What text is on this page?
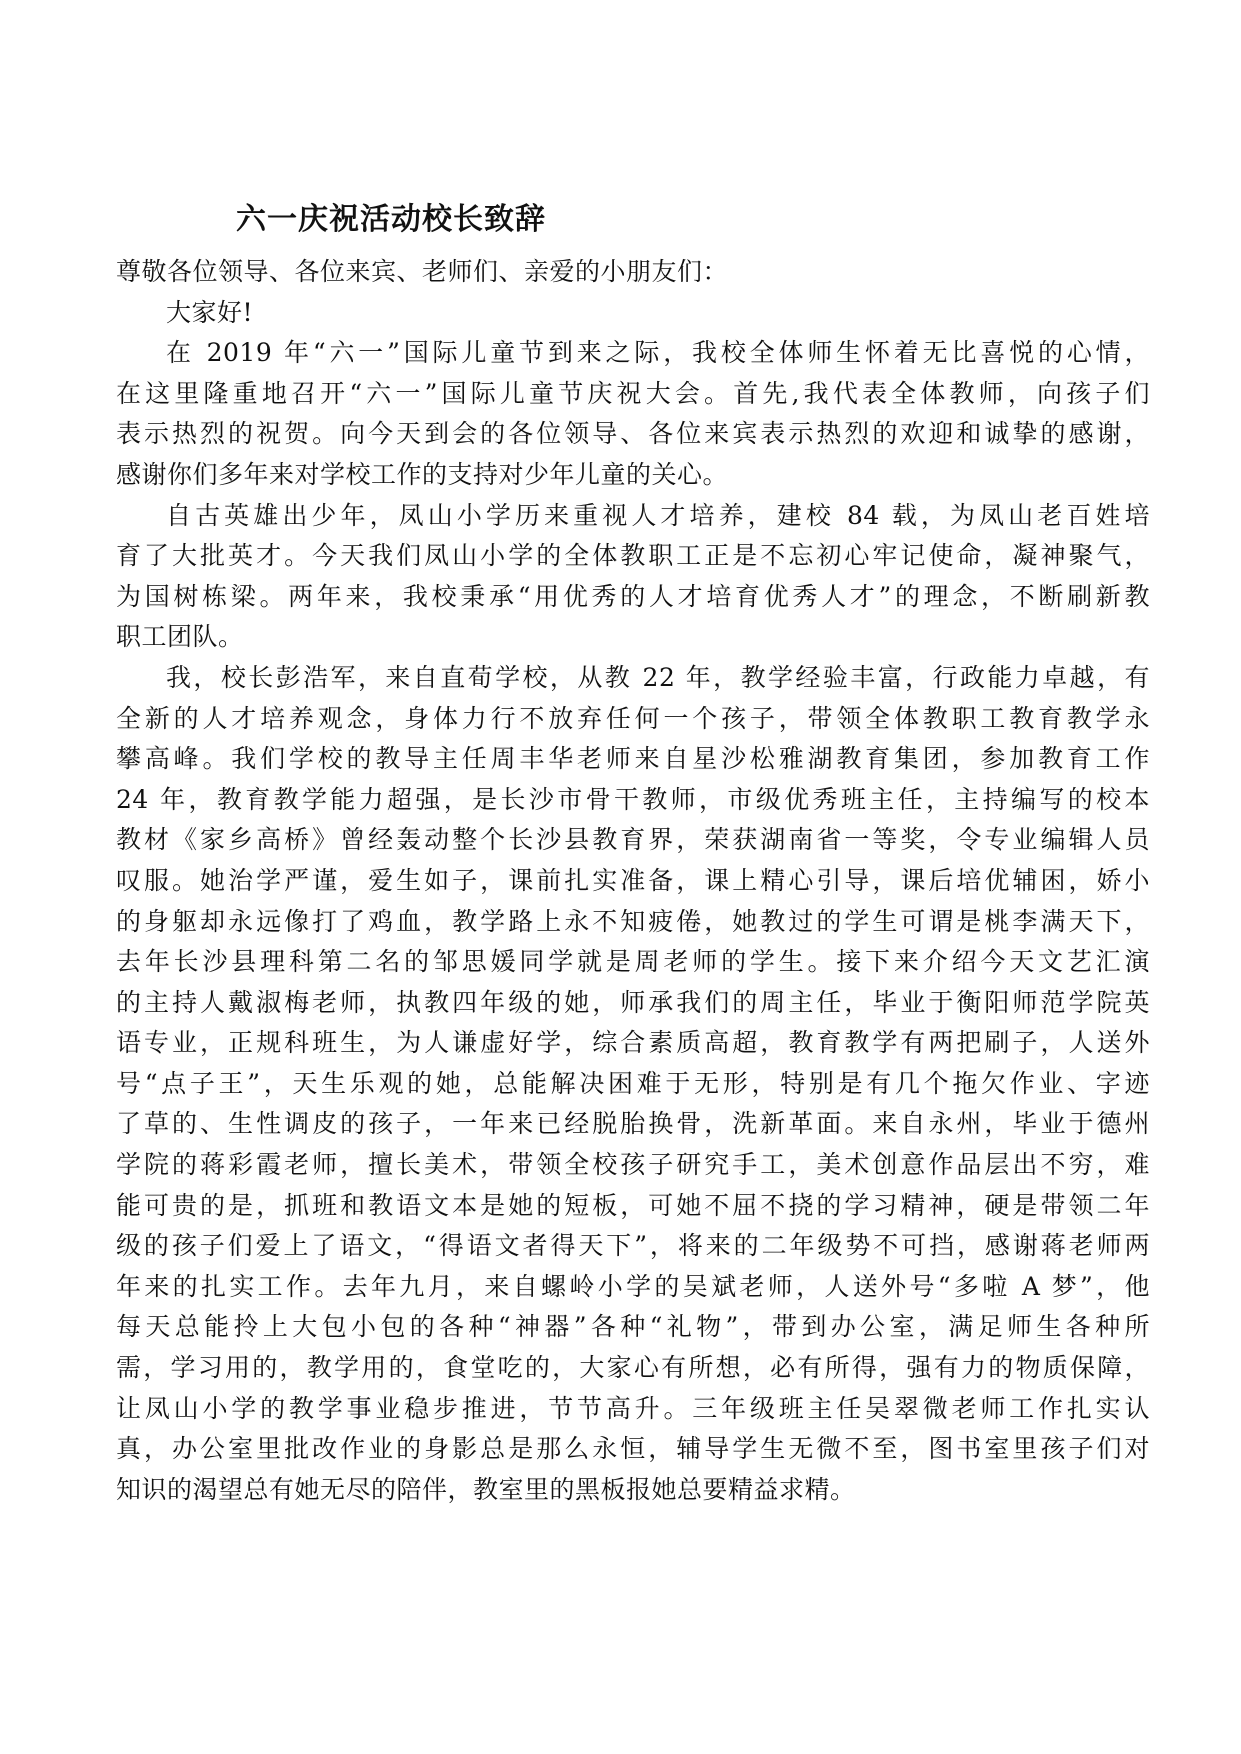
六一庆祝活动校长致辞
尊敬各位领导、各位来宾、老师们、亲爱的小朋友们：
大家好!
在 2019 年“六一”国际儿童节到来之际，我校全体师生怀着无比喜悦的心情，
在这里隆重地召开“六一”国际儿童节庆祝大会。首先,我代表全体教师，向孩子们
表示热烈的祝贺。向今天到会的各位领导、各位来宾表示热烈的欢迎和诚挚的感谢，
感谢你们多年来对学校工作的支持对少年儿童的关心。
自古英雄出少年，凤山小学历来重视人才培养，建校 84 载，为凤山老百姓培
育了大批英才。今天我们凤山小学的全体教职工正是不忘初心牢记使命，凝神聚气，
为国树栋梁。两年来，我校秉承“用优秀的人才培育优秀人才”的理念，不断刷新教
职工团队。
我，校长彭浩军，来自直荀学校，从教 22 年，教学经验丰富，行政能力卓越，有
全新的人才培养观念，身体力行不放弃任何一个孩子，带领全体教职工教育教学永
攀高峰。我们学校的教导主任周丰华老师来自星沙松雅湖教育集团，参加教育工作
24 年，教育教学能力超强，是长沙市骨干教师，市级优秀班主任，主持编写的校本
教材《家乡高桥》曾经轰动整个长沙县教育界，荣获湖南省一等奖，令专业编辑人员
叹服。她治学严谨，爱生如子，课前扎实准备，课上精心引导，课后培优辅困，娇小
的身躯却永远像打了鸡血，教学路上永不知疲倦，她教过的学生可谓是桃李满天下，
去年长沙县理科第二名的邹思媛同学就是周老师的学生。接下来介绍今天文艺汇演
的主持人戴淑梅老师，执教四年级的她，师承我们的周主任，毕业于衡阳师范学院英
语专业，正规科班生，为人谦虚好学，综合素质高超，教育教学有两把刷子，人送外
号“点子王”，天生乐观的她，总能解决困难于无形，特别是有几个拖欠作业、字迹
了草的、生性调皮的孩子，一年来已经脱胎换骨，洗新革面。来自永州，毕业于德州
学院的蒋彩霞老师，擅长美术，带领全校孩子研究手工，美术创意作品层出不穷，难
能可贵的是，抓班和教语文本是她的短板，可她不屈不挠的学习精神，硬是带领二年
级的孩子们爱上了语文，“得语文者得天下”，将来的二年级势不可挡，感谢蒋老师两
年来的扎实工作。去年九月，来自螺岭小学的吴斌老师，人送外号“多啦 A 梦”，他
每天总能拎上大包小包的各种“神器”各种“礼物”，带到办公室，满足师生各种所
需，学习用的，教学用的，食堂吃的，大家心有所想，必有所得，强有力的物质保障，
让凤山小学的教学事业稳步推进，节节高升。三年级班主任吴翠微老师工作扎实认
真，办公室里批改作业的身影总是那么永恒，辅导学生无微不至，图书室里孩子们对
知识的渴望总有她无尽的陪伴，教室里的黑板报她总要精益求精。
